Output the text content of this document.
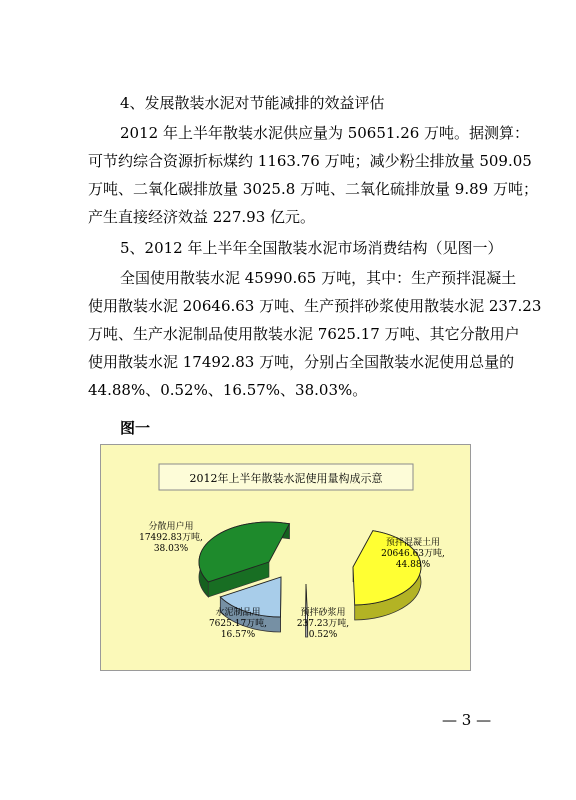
4、发展散装水泥对节能减排的效益评估
2012 年上半年散装水泥供应量为 50651.26 万吨。据测算：
可节约综合资源折标煤约 1163.76 万吨；减少粉尘排放量 509.05
万吨、二氧化碳排放量 3025.8 万吨、二氧化硫排放量 9.89 万吨；
产生直接经济效益 227.93 亿元。
5、2012 年上半年全国散装水泥市场消费结构（见图一）
全国使用散装水泥 45990.65 万吨，其中：生产预拌混凝土
使用散装水泥 20646.63 万吨、生产预拌砂浆使用散装水泥 237.23
万吨、生产水泥制品使用散装水泥 7625.17 万吨、其它分散用户
使用散装水泥 17492.83 万吨，分别占全国散装水泥使用总量的
44.88%、0.52%、16.57%、38.03%。
图一
2012年上半年散装水泥使用量构成示意
预拌混凝土用 20646.63万吨, 44.88%
预拌砂浆用 237.23万吨, 0.52%
水泥制品用 7625.17万吨, 16.57%
分散用户用 17492.83万吨, 38.03%
— 3 —
